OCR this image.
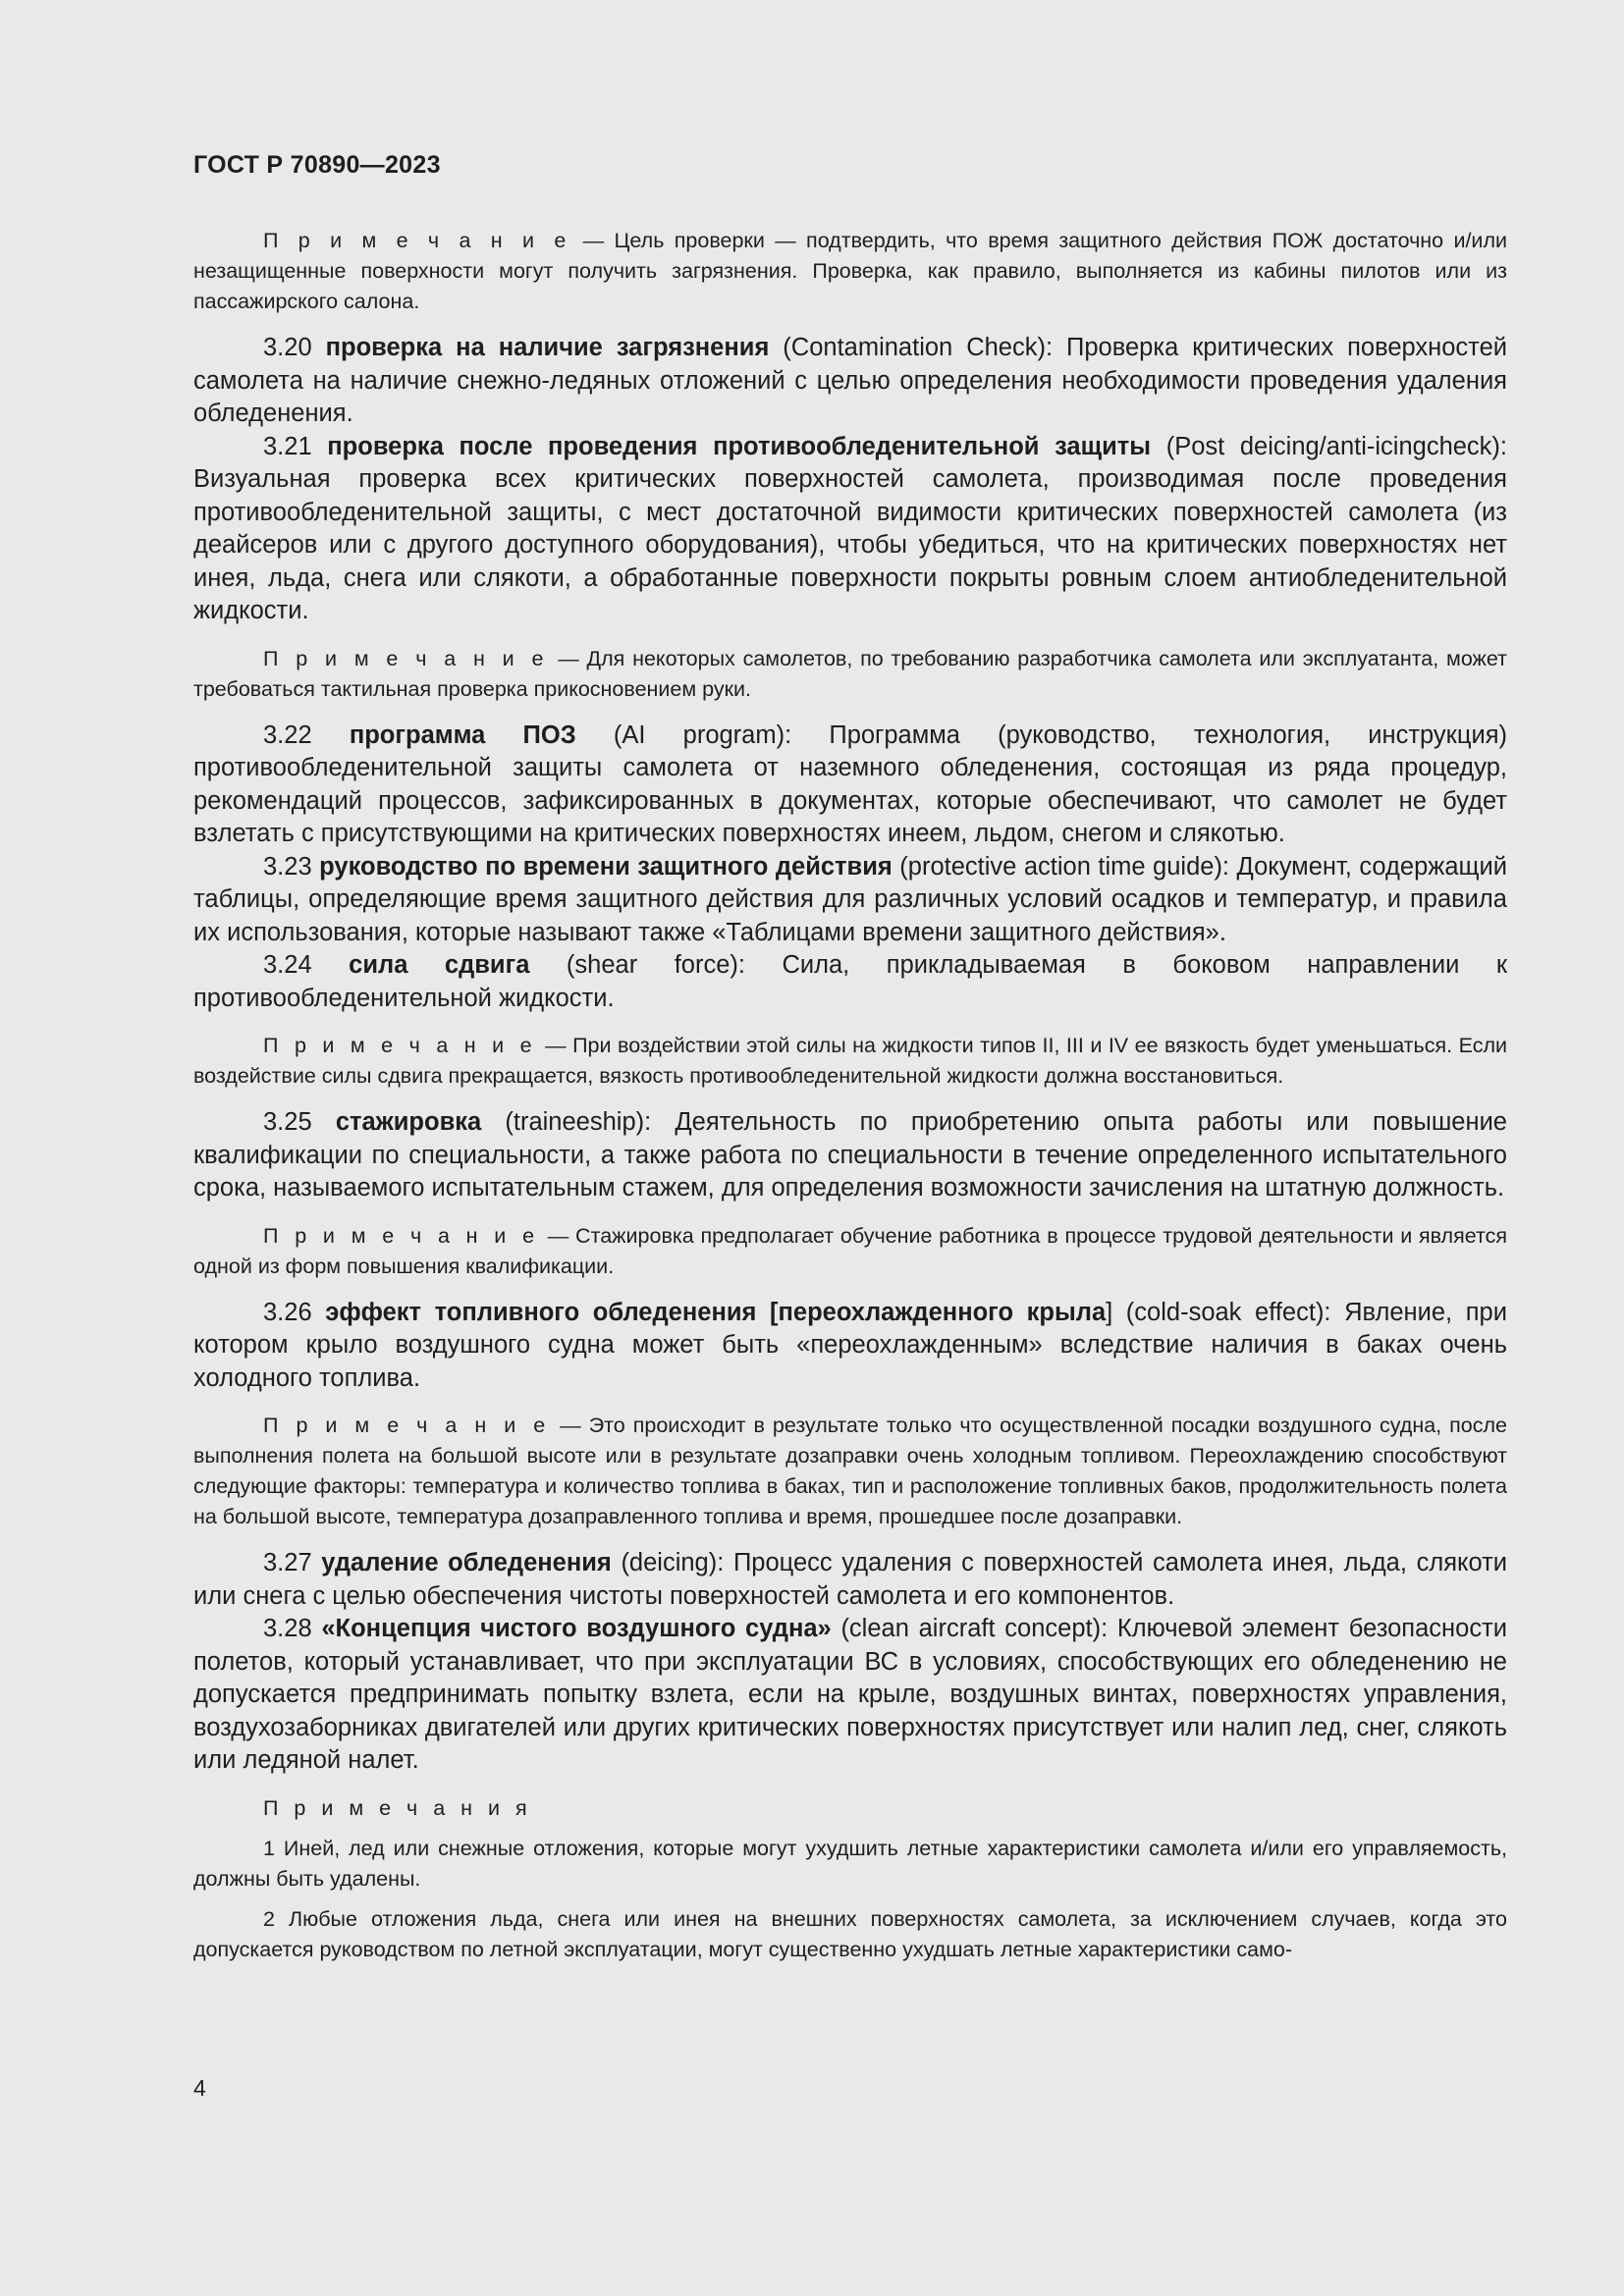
ГОСТ Р 70890—2023

П р и м е ч а н и е — Цель проверки — подтвердить, что время защитного действия ПОЖ достаточно и/или незащищенные поверхности могут получить загрязнения. Проверка, как правило, выполняется из кабины пилотов или из пассажирского салона.

3.20 проверка на наличие загрязнения (Contamination Check): Проверка критических поверхностей самолета на наличие снежно-ледяных отложений с целью определения необходимости проведения удаления обледенения.

3.21 проверка после проведения противообледенительной защиты (Post deicing/anti-icingcheck): Визуальная проверка всех критических поверхностей самолета, производимая после проведения противообледенительной защиты, с мест достаточной видимости критических поверхностей самолета (из деайсеров или с другого доступного оборудования), чтобы убедиться, что на критических поверхностях нет инея, льда, снега или слякоти, а обработанные поверхности покрыты ровным слоем антиобледенительной жидкости.

П р и м е ч а н и е — Для некоторых самолетов, по требованию разработчика самолета или эксплуатанта, может требоваться тактильная проверка прикосновением руки.

3.22 программа ПОЗ (AI program): Программа (руководство, технология, инструкция) противообледенительной защиты самолета от наземного обледенения, состоящая из ряда процедур, рекомендаций процессов, зафиксированных в документах, которые обеспечивают, что самолет не будет взлетать с присутствующими на критических поверхностях инеем, льдом, снегом и слякотью.

3.23 руководство по времени защитного действия (protective action time guide): Документ, содержащий таблицы, определяющие время защитного действия для различных условий осадков и температур, и правила их использования, которые называют также «Таблицами времени защитного действия».

3.24 сила сдвига (shear force): Сила, прикладываемая в боковом направлении к противообледенительной жидкости.

П р и м е ч а н и е — При воздействии этой силы на жидкости типов II, III и IV ее вязкость будет уменьшаться. Если воздействие силы сдвига прекращается, вязкость противообледенительной жидкости должна восстановиться.

3.25 стажировка (traineeship): Деятельность по приобретению опыта работы или повышение квалификации по специальности, а также работа по специальности в течение определенного испытательного срока, называемого испытательным стажем, для определения возможности зачисления на штатную должность.

П р и м е ч а н и е — Стажировка предполагает обучение работника в процессе трудовой деятельности и является одной из форм повышения квалификации.

3.26 эффект топливного обледенения [переохлажденного крыла] (cold-soak effect): Явление, при котором крыло воздушного судна может быть «переохлажденным» вследствие наличия в баках очень холодного топлива.

П р и м е ч а н и е — Это происходит в результате только что осуществленной посадки воздушного судна, после выполнения полета на большой высоте или в результате дозаправки очень холодным топливом. Переохлаждению способствуют следующие факторы: температура и количество топлива в баках, тип и расположение топливных баков, продолжительность полета на большой высоте, температура дозаправленного топлива и время, прошедшее после дозаправки.

3.27 удаление обледенения (deicing): Процесс удаления с поверхностей самолета инея, льда, слякоти или снега с целью обеспечения чистоты поверхностей самолета и его компонентов.

3.28 «Концепция чистого воздушного судна» (clean aircraft concept): Ключевой элемент безопасности полетов, который устанавливает, что при эксплуатации ВС в условиях, способствующих его обледенению не допускается предпринимать попытку взлета, если на крыле, воздушных винтах, поверхностях управления, воздухозаборниках двигателей или других критических поверхностях присутствует или налип лед, снег, слякоть или ледяной налет.

П р и м е ч а н и я

1 Иней, лед или снежные отложения, которые могут ухудшить летные характеристики самолета и/или его управляемость, должны быть удалены.

2 Любые отложения льда, снега или инея на внешних поверхностях самолета, за исключением случаев, когда это допускается руководством по летной эксплуатации, могут существенно ухудшать летные характеристики само-

4
